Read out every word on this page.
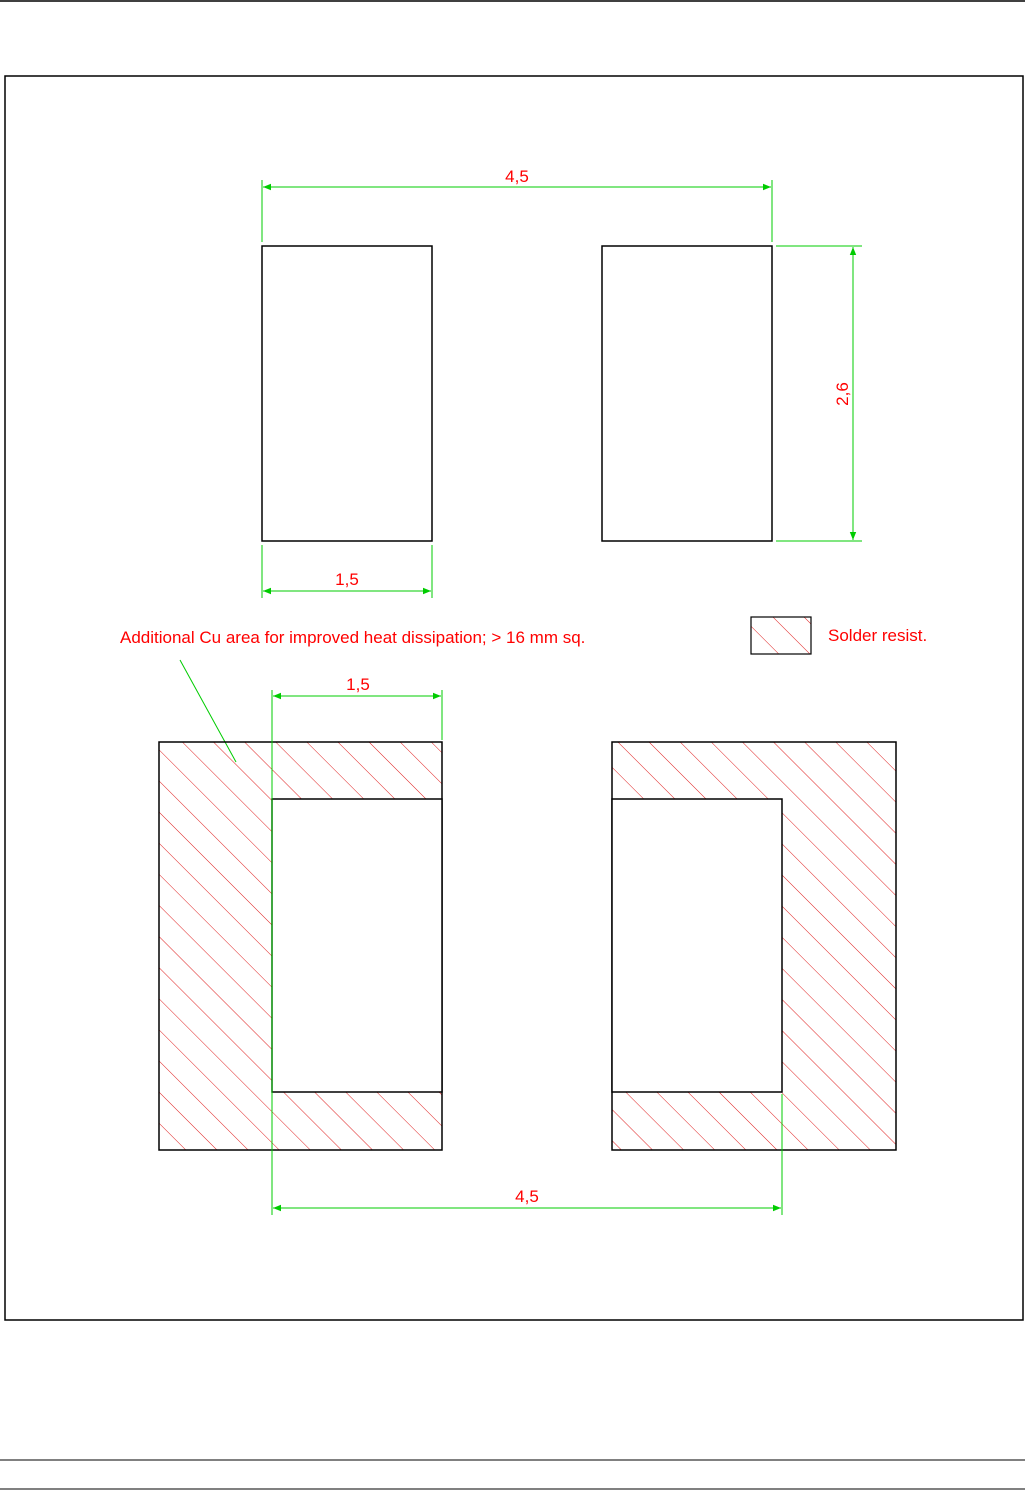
4,5
2,6
1,5
Solder resist.
Additional Cu area for improved heat dissipation; > 16 mm sq.
1,5
4,5
